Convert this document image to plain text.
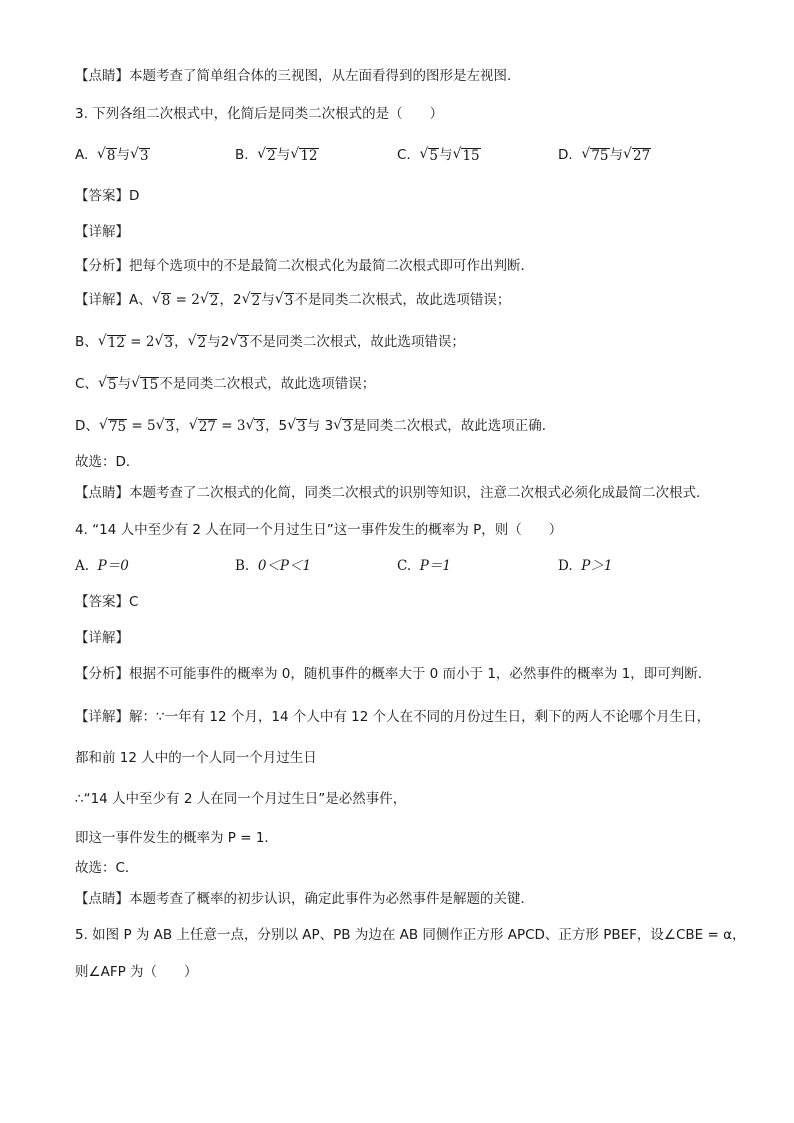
【点睛】本题考查了简单组合体的三视图，从左面看得到的图形是左视图．
3. 下列各组二次根式中，化简后是同类二次根式的是（　　）
A. √ 8 与 √ 3	B. √ 2 与 √ 12	C. √ 5 与 √ 15	D. √ 75 与 √ 27
【答案】D
【详解】
【分析】把每个选项中的不是最简二次根式化为最简二次根式即可作出判断．
【详解】A、 √ 8 = 2 √ 2 ，2 √ 2 与 √ 3 不是同类二次根式，故此选项错误；
B、 √ 12 = 2 √ 3 ， √ 2 与2 √ 3 不是同类二次根式，故此选项错误；
C、 √ 5 与 √ 15 不是同类二次根式，故此选项错误；
D、 √ 75 = 5 √ 3 ， √ 27 = 3 √ 3 ，5 √ 3 与 3 √ 3 是同类二次根式，故此选项正确．
故选：D．
【点睛】本题考查了二次根式的化简，同类二次根式的识别等知识，注意二次根式必须化成最简二次根式．
4. “14 人中至少有 2 人在同一个月过生日”这一事件发生的概率为 P，则（　　）
A. P＝0	B. 0＜P＜1	C. P＝1	D. P＞1
【答案】C
【详解】
【分析】根据不可能事件的概率为 0，随机事件的概率大于 0 而小于 1，必然事件的概率为 1，即可判断．
【详解】解：∵一年有 12 个月，14 个人中有 12 个人在不同的月份过生日，剩下的两人不论哪个月生日，
都和前 12 人中的一个人同一个月过生日
∴“14 人中至少有 2 人在同一个月过生日”是必然事件，
即这一事件发生的概率为 P = 1．
故选：C．
【点睛】本题考查了概率的初步认识，确定此事件为必然事件是解题的关键．
5. 如图 P 为 AB 上任意一点，分别以 AP、PB 为边在 AB 同侧作正方形 APCD、正方形 PBEF，设∠CBE = α，
则∠AFP 为（　　）
